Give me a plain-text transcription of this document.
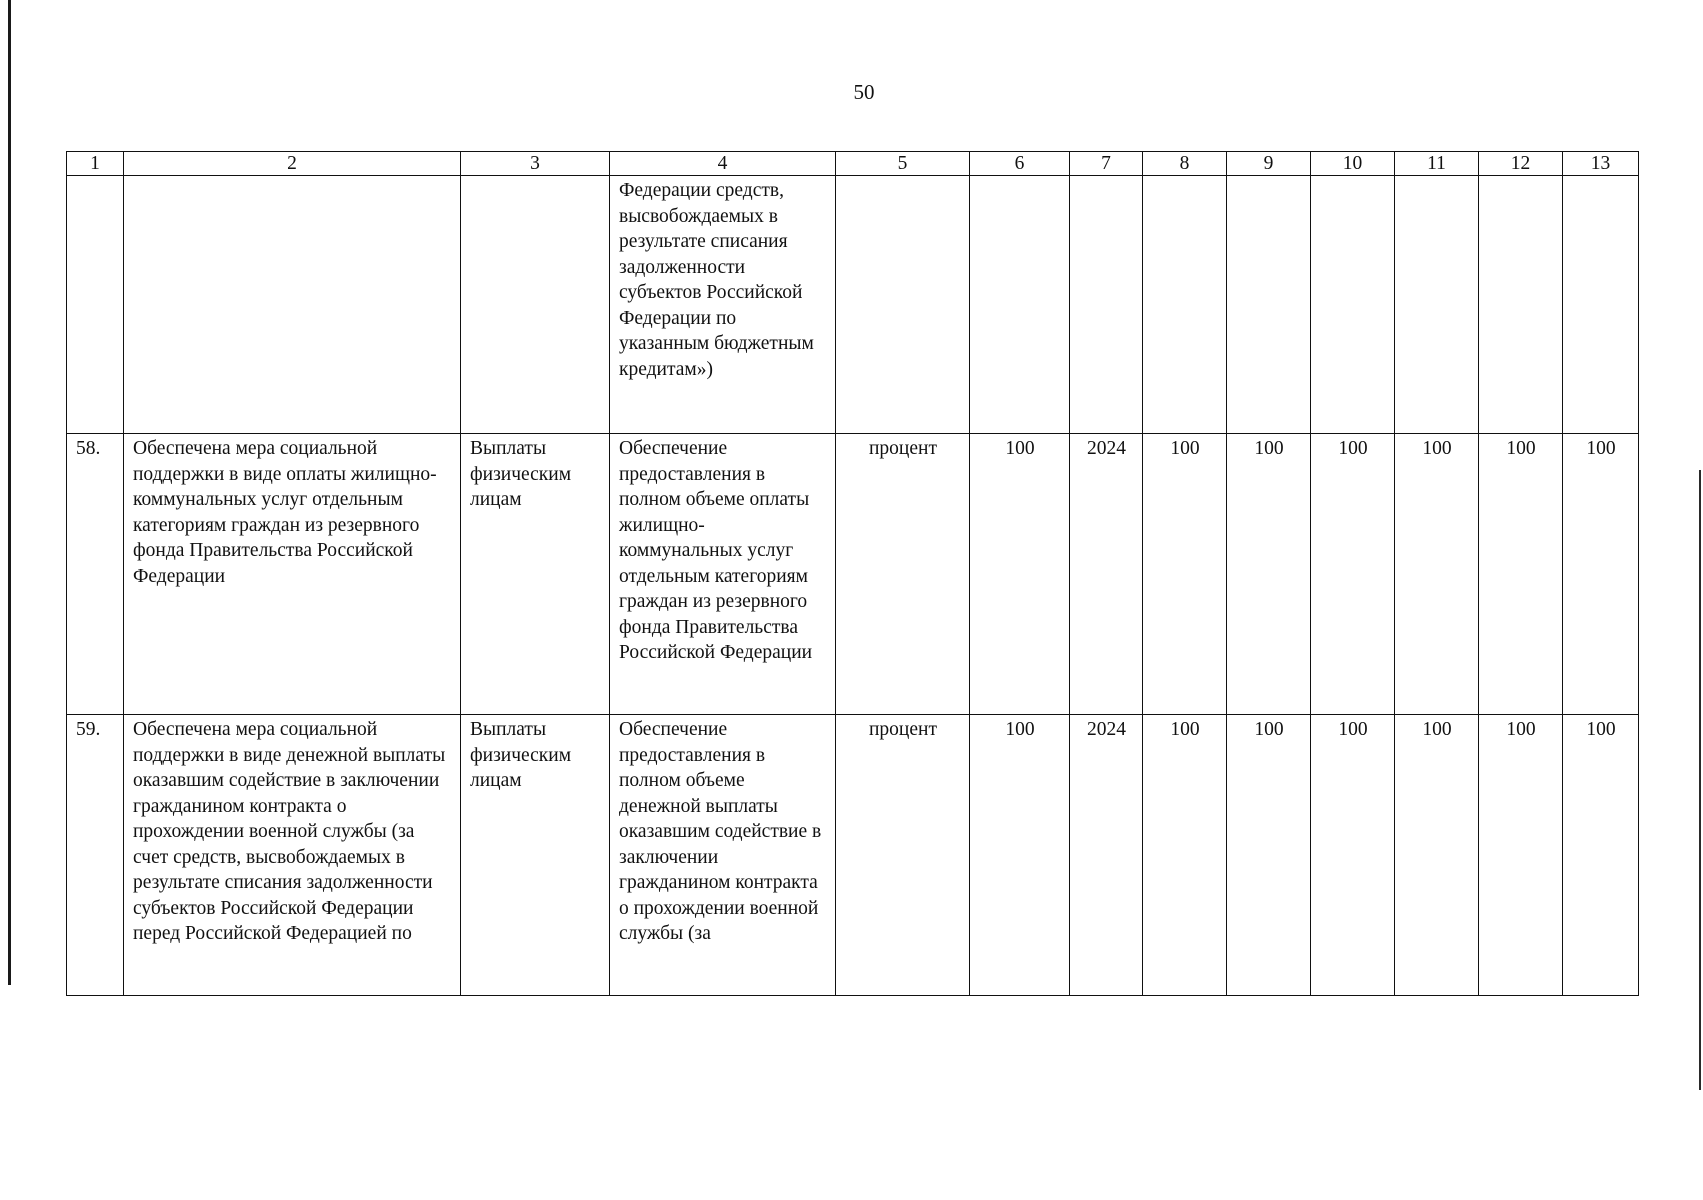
50
1	2	3	4	5	6	7	8	9	10	11	12	13
			Федерации средств, высвобождаемых в результате списания задолженности субъектов Российской Федерации по указанным бюджетным кредитам»)									
58.	Обеспечена мера социальной поддержки в виде оплаты жилищно-коммунальных услуг отдельным категориям граждан из резервного фонда Правительства Российской Федерации	Выплаты физическим лицам	Обеспечение предоставления в полном объеме оплаты жилищно-коммунальных услуг отдельным категориям граждан из резервного фонда Правительства Российской Федерации	процент	100	2024	100	100	100	100	100	100
59.	Обеспечена мера социальной поддержки в виде денежной выплаты оказавшим содействие в заключении гражданином контракта о прохождении военной службы (за счет средств, высвобождаемых в результате списания задолженности субъектов Российской Федерации перед Российской Федерацией по	Выплаты физическим лицам	Обеспечение предоставления в полном объеме денежной выплаты оказавшим содействие в заключении гражданином контракта о прохождении военной службы (за	процент	100	2024	100	100	100	100	100	100
